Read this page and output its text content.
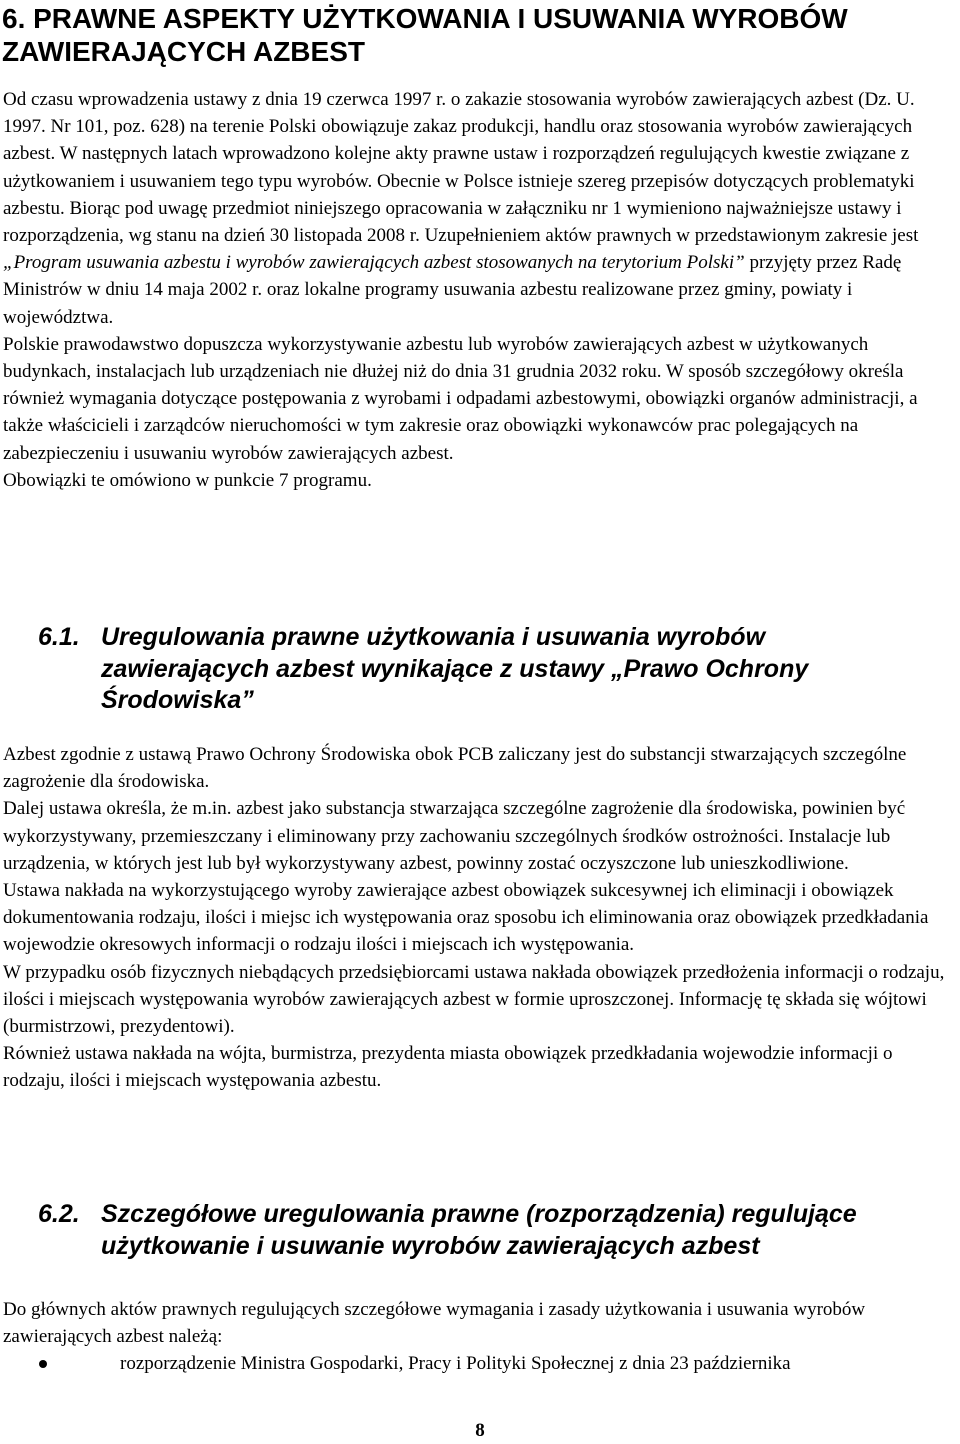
6. PRAWNE ASPEKTY UŻYTKOWANIA I USUWANIA WYROBÓW ZAWIERAJĄCYCH AZBEST

Od czasu wprowadzenia ustawy z dnia 19 czerwca 1997 r. o zakazie stosowania wyrobów zawierających azbest (Dz. U. 1997. Nr 101, poz. 628) na terenie Polski obowiązuje zakaz produkcji, handlu oraz stosowania wyrobów zawierających azbest. W następnych latach wprowadzono kolejne akty prawne ustaw i rozporządzeń regulujących kwestie związane z użytkowaniem i usuwaniem tego typu wyrobów. Obecnie w Polsce istnieje szereg przepisów dotyczących problematyki azbestu. Biorąc pod uwagę przedmiot niniejszego opracowania w załączniku nr 1 wymieniono najważniejsze ustawy i rozporządzenia, wg stanu na dzień 30 listopada 2008 r. Uzupełnieniem aktów prawnych w przedstawionym zakresie jest „Program usuwania azbestu i wyrobów zawierających azbest stosowanych na terytorium Polski” przyjęty przez Radę Ministrów w dniu 14 maja 2002 r. oraz lokalne programy usuwania azbestu realizowane przez gminy, powiaty i województwa.

Polskie prawodawstwo dopuszcza wykorzystywanie azbestu lub wyrobów zawierających azbest w użytkowanych budynkach, instalacjach lub urządzeniach nie dłużej niż do dnia 31 grudnia 2032 roku. W sposób szczegółowy określa również wymagania dotyczące postępowania z wyrobami i odpadami azbestowymi, obowiązki organów administracji, a także właścicieli i zarządców nieruchomości w tym zakresie oraz obowiązki wykonawców prac polegających na zabezpieczeniu i usuwaniu wyrobów zawierających azbest.

Obowiązki te omówiono w punkcie 7 programu.

6.1. Uregulowania prawne użytkowania i usuwania wyrobów zawierających azbest wynikające z ustawy „Prawo Ochrony Środowiska”

Azbest zgodnie z ustawą Prawo Ochrony Środowiska obok PCB zaliczany jest do substancji stwarzających szczególne zagrożenie dla środowiska.

Dalej ustawa określa, że m.in. azbest jako substancja stwarzająca szczególne zagrożenie dla środowiska, powinien być wykorzystywany, przemieszczany i eliminowany przy zachowaniu szczególnych środków ostrożności. Instalacje lub urządzenia, w których jest lub był wykorzystywany azbest, powinny zostać oczyszczone lub unieszkodliwione.

Ustawa nakłada na wykorzystującego wyroby zawierające azbest obowiązek sukcesywnej ich eliminacji i obowiązek dokumentowania rodzaju, ilości i miejsc ich występowania oraz sposobu ich eliminowania oraz obowiązek przedkładania wojewodzie okresowych informacji o rodzaju ilości i miejscach ich występowania.

W przypadku osób fizycznych niebądących przedsiębiorcami ustawa nakłada obowiązek przedłożenia informacji o rodzaju, ilości i miejscach występowania wyrobów zawierających azbest w formie uproszczonej. Informację tę składa się wójtowi (burmistrzowi, prezydentowi).

Również ustawa nakłada na wójta, burmistrza, prezydenta miasta obowiązek przedkładania wojewodzie informacji o rodzaju, ilości i miejscach występowania azbestu.

6.2. Szczegółowe uregulowania prawne (rozporządzenia) regulujące użytkowanie i usuwanie wyrobów zawierających azbest

Do głównych aktów prawnych regulujących szczegółowe wymagania i zasady użytkowania i usuwania wyrobów zawierających azbest należą:

rozporządzenie Ministra Gospodarki, Pracy i Polityki Społecznej z dnia 23 października
8
